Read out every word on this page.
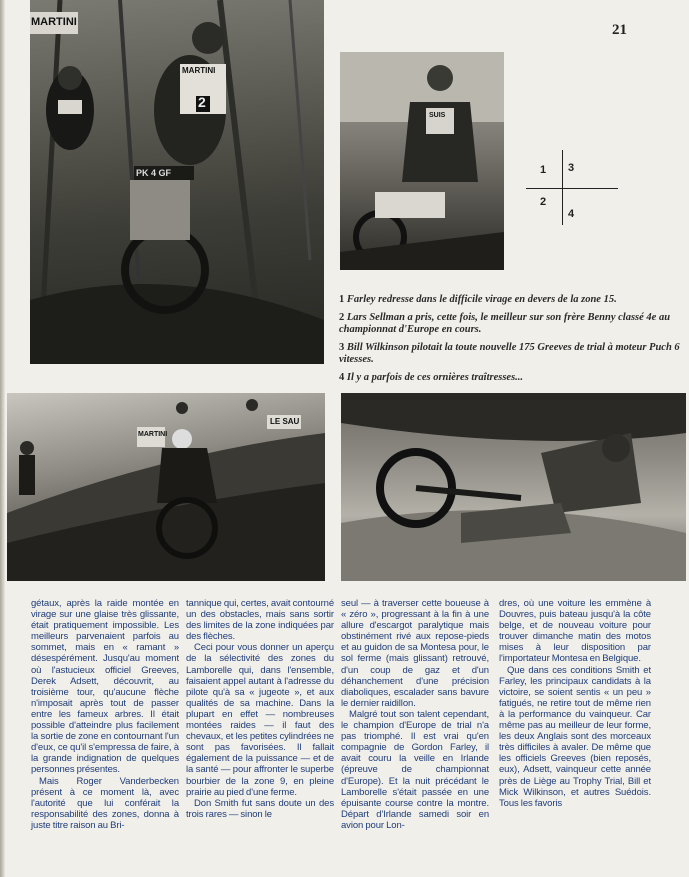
MARTINI
MARTINI
PK 4 GF
2
SUIS
21
1 3
2
4

1 Farley redresse dans le difficile virage en devers de la zone 15.

2 Lars Sellman a pris, cette fois, le meilleur sur son frère Benny classé 4e au championnat d'Europe en cours.

3 Bill Wilkinson pilotait la toute nouvelle 175 Greeves de trial à moteur Puch 6 vitesses.

4 Il y a parfois de ces ornières traîtresses...

MARTINI
LE SAU

gétaux, après la raide montée en virage sur une glaise très glissante, était pratiquement impossible. Les meilleurs parvenaient parfois au sommet, mais en « ramant » désespérément. Jusqu'au moment où l'astucieux officiel Greeves, Derek Adsett, découvrit, au troisième tour, qu'aucune flèche n'imposait après tout de passer entre les fameux arbres. Il était possible d'atteindre plus facilement la sortie de zone en contournant l'un d'eux, ce qu'il s'empressa de faire, à la grande indignation de quelques personnes présentes.

Mais Roger Vanderbecken présent à ce moment là, avec l'autorité que lui conférait la responsabilité des zones, donna à juste titre raison au Bri-

tannique qui, certes, avait contourné un des obstacles, mais sans sortir des limites de la zone indiquées par des flèches.

Ceci pour vous donner un aperçu de la sélectivité des zones du Lamborelle qui, dans l'ensemble, faisaient appel autant à l'adresse du pilote qu'à sa « jugeote », et aux qualités de sa machine. Dans la plupart en effet — nombreuses montées raides — il faut des chevaux, et les petites cylindrées ne sont pas favorisées. Il fallait également de la puissance — et de la santé — pour affronter le superbe bourbier de la zone 9, en pleine prairie au pied d'une ferme.

Don Smith fut sans doute un des trois rares — sinon le

seul — à traverser cette boueuse à « zéro », progressant à la fin à une allure d'escargot paralytique mais obstinément rivé aux repose-pieds et au guidon de sa Montesa pour, le sol ferme (mais glissant) retrouvé, d'un coup de gaz et d'un déhanchement d'une précision diaboliques, escalader sans bavure le dernier raidillon.

Malgré tout son talent cependant, le champion d'Europe de trial n'a pas triomphé. Il est vrai qu'en compagnie de Gordon Farley, il avait couru la veille en Irlande (épreuve de championnat d'Europe). Et la nuit précédant le Lamborelle s'était passée en une épuisante course contre la montre. Départ d'Irlande samedi soir en avion pour Lon-

dres, où une voiture les emmène à Douvres, puis bateau jusqu'à la côte belge, et de nouveau voiture pour trouver dimanche matin des motos mises à leur disposition par l'importateur Montesa en Belgique.

Que dans ces conditions Smith et Farley, les principaux candidats à la victoire, se soient sentis « un peu » fatigués, ne retire tout de même rien à la performance du vainqueur. Car même pas au meilleur de leur forme, les deux Anglais sont des morceaux très difficiles à avaler. De même que les officiels Greeves (bien reposés, eux), Adsett, vainqueur cette année près de Liège au Trophy Trial, Bill et Mick Wilkinson, et autres Suédois. Tous les favoris
